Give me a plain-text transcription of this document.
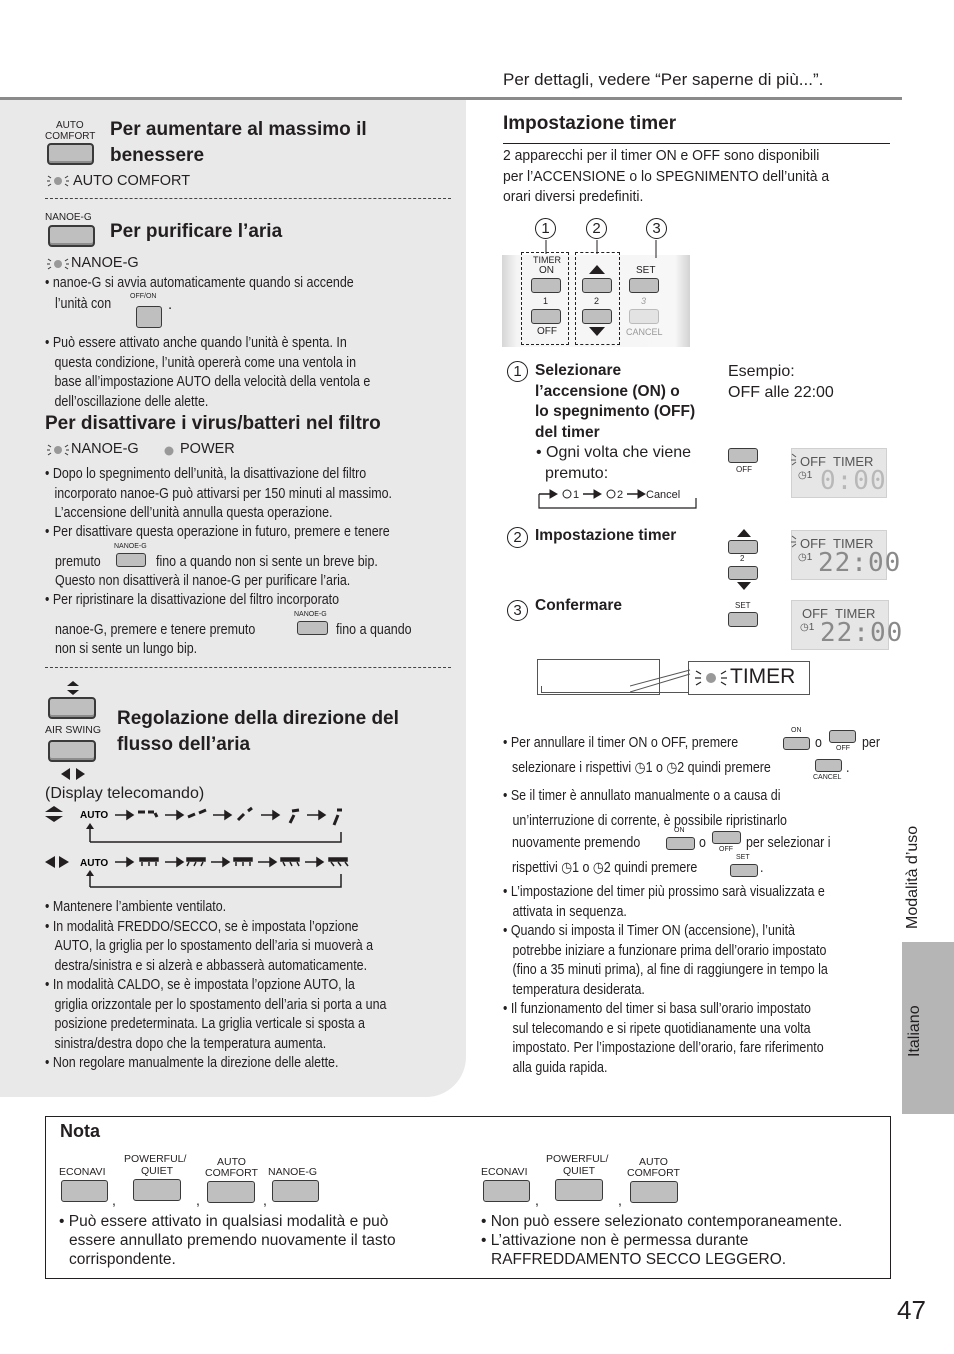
Per dettagli, vedere “Per saperne di più...”.
AUTO
COMFORT Per aumentare al massimo il
benessere
AUTO COMFORT
NANOE-G
Per purificare l’aria
NANOE-G
• nanoe-G si avvia automaticamente quando si accende
l’unità con	OFF/ON .
• Può essere attivato anche quando l’unità è spenta. In
questa condizione, l’unità opererà come una ventola in
base all’impostazione AUTO della velocità della ventola e
dell’oscillazione delle alette.
Per disattivare i virus/batteri nel filtro
NANOE-G	POWER
• Dopo lo spegnimento dell’unità, la disattivazione del filtro
incorporato nanoe-G può attivarsi per 150 minuti al massimo.
L’accensione dell’unità annulla questa operazione.
• Per disattivare questa operazione in futuro, premere e tenere
NANOE-G
premuto	fino a quando non si sente un breve bip.
Questo non disattiverà il nanoe-G per purificare l’aria.
• Per ripristinare la disattivazione del filtro incorporato
NANOE-G
nanoe-G, premere e tenere premuto	fino a quando
non si sente un lungo bip.
AIR SWING
Regolazione della direzione del
flusso dell’aria
(Display telecomando)
AUTO
AUTO
• Mantenere l’ambiente ventilato.
• In modalità FREDDO/SECCO, se è impostata l’opzione
AUTO, la griglia per lo spostamento dell’aria si muoverà a
destra/sinistra e si alzerà e abbasserà automaticamente.
• In modalità CALDO, se è impostata l’opzione AUTO, la
griglia orizzontale per lo spostamento dell’aria si porta a una
posizione predeterminata. La griglia verticale si sposta a
sinistra/destra dopo che la temperatura aumenta.
• Non regolare manualmente la direzione delle alette.
Impostazione timer
2 apparecchi per il timer ON e OFF sono disponibili
per l’ACCENSIONE o lo SPEGNIMENTO dell’unità a
orari diversi predefiniti.
1	2	3
TIMER
ON
1
OFF
2
SET
3
CANCEL
1 Selezionare
l’accensione (ON) o
lo spegnimento (OFF)
del timer
Esempio:
OFF alle 22:00
• Ogni volta che viene
premuto:
1	2 Cancel
OFF
OFF TIMER
◷1 0:00
2 Impostazione timer
2
OFF TIMER
◷1 22:00
3 Confermare	SET
OFF TIMER
◷1 22:00
TIMER
• Per annullare il timer ON o OFF, premere
ON
o OFF per
selezionare i rispettivi ◷1 o ◷2 quindi premere
CANCEL
.
• Se il timer è annullato manualmente o a causa di
un’interruzione di corrente, è possibile ripristinarlo
nuovamente premendo
ON
o OFF per selezionar i
rispettivi ◷1 o ◷2 quindi premere
SET
.
• L’impostazione del timer più prossimo sarà visualizzata e
attivata in sequenza.
• Quando si imposta il Timer ON (accensione), l’unità
potrebbe iniziare a funzionare prima dell’orario impostato
(fino a 35 minuti prima), al fine di raggiungere in tempo la
temperatura desiderata.
• Il funzionamento del timer si basa sull’orario impostato
sul telecomando e si ripete quotidianamente una volta
impostato. Per l’impostazione dell’orario, fare riferimento
alla guida rapida.
Modalità d’uso
Italiano
Nota
ECONAVI
,
POWERFUL/
QUIET
,
AUTO
COMFORT
,
NANOE-G
• Può essere attivato in qualsiasi modalità e può
essere annullato premendo nuovamente il tasto
corrispondente.
ECONAVI
,
POWERFUL/
QUIET
,
AUTO
COMFORT
• Non può essere selezionato contemporaneamente.
• L’attivazione non è permessa durante
RAFFREDDAMENTO SECCO LEGGERO.
47
